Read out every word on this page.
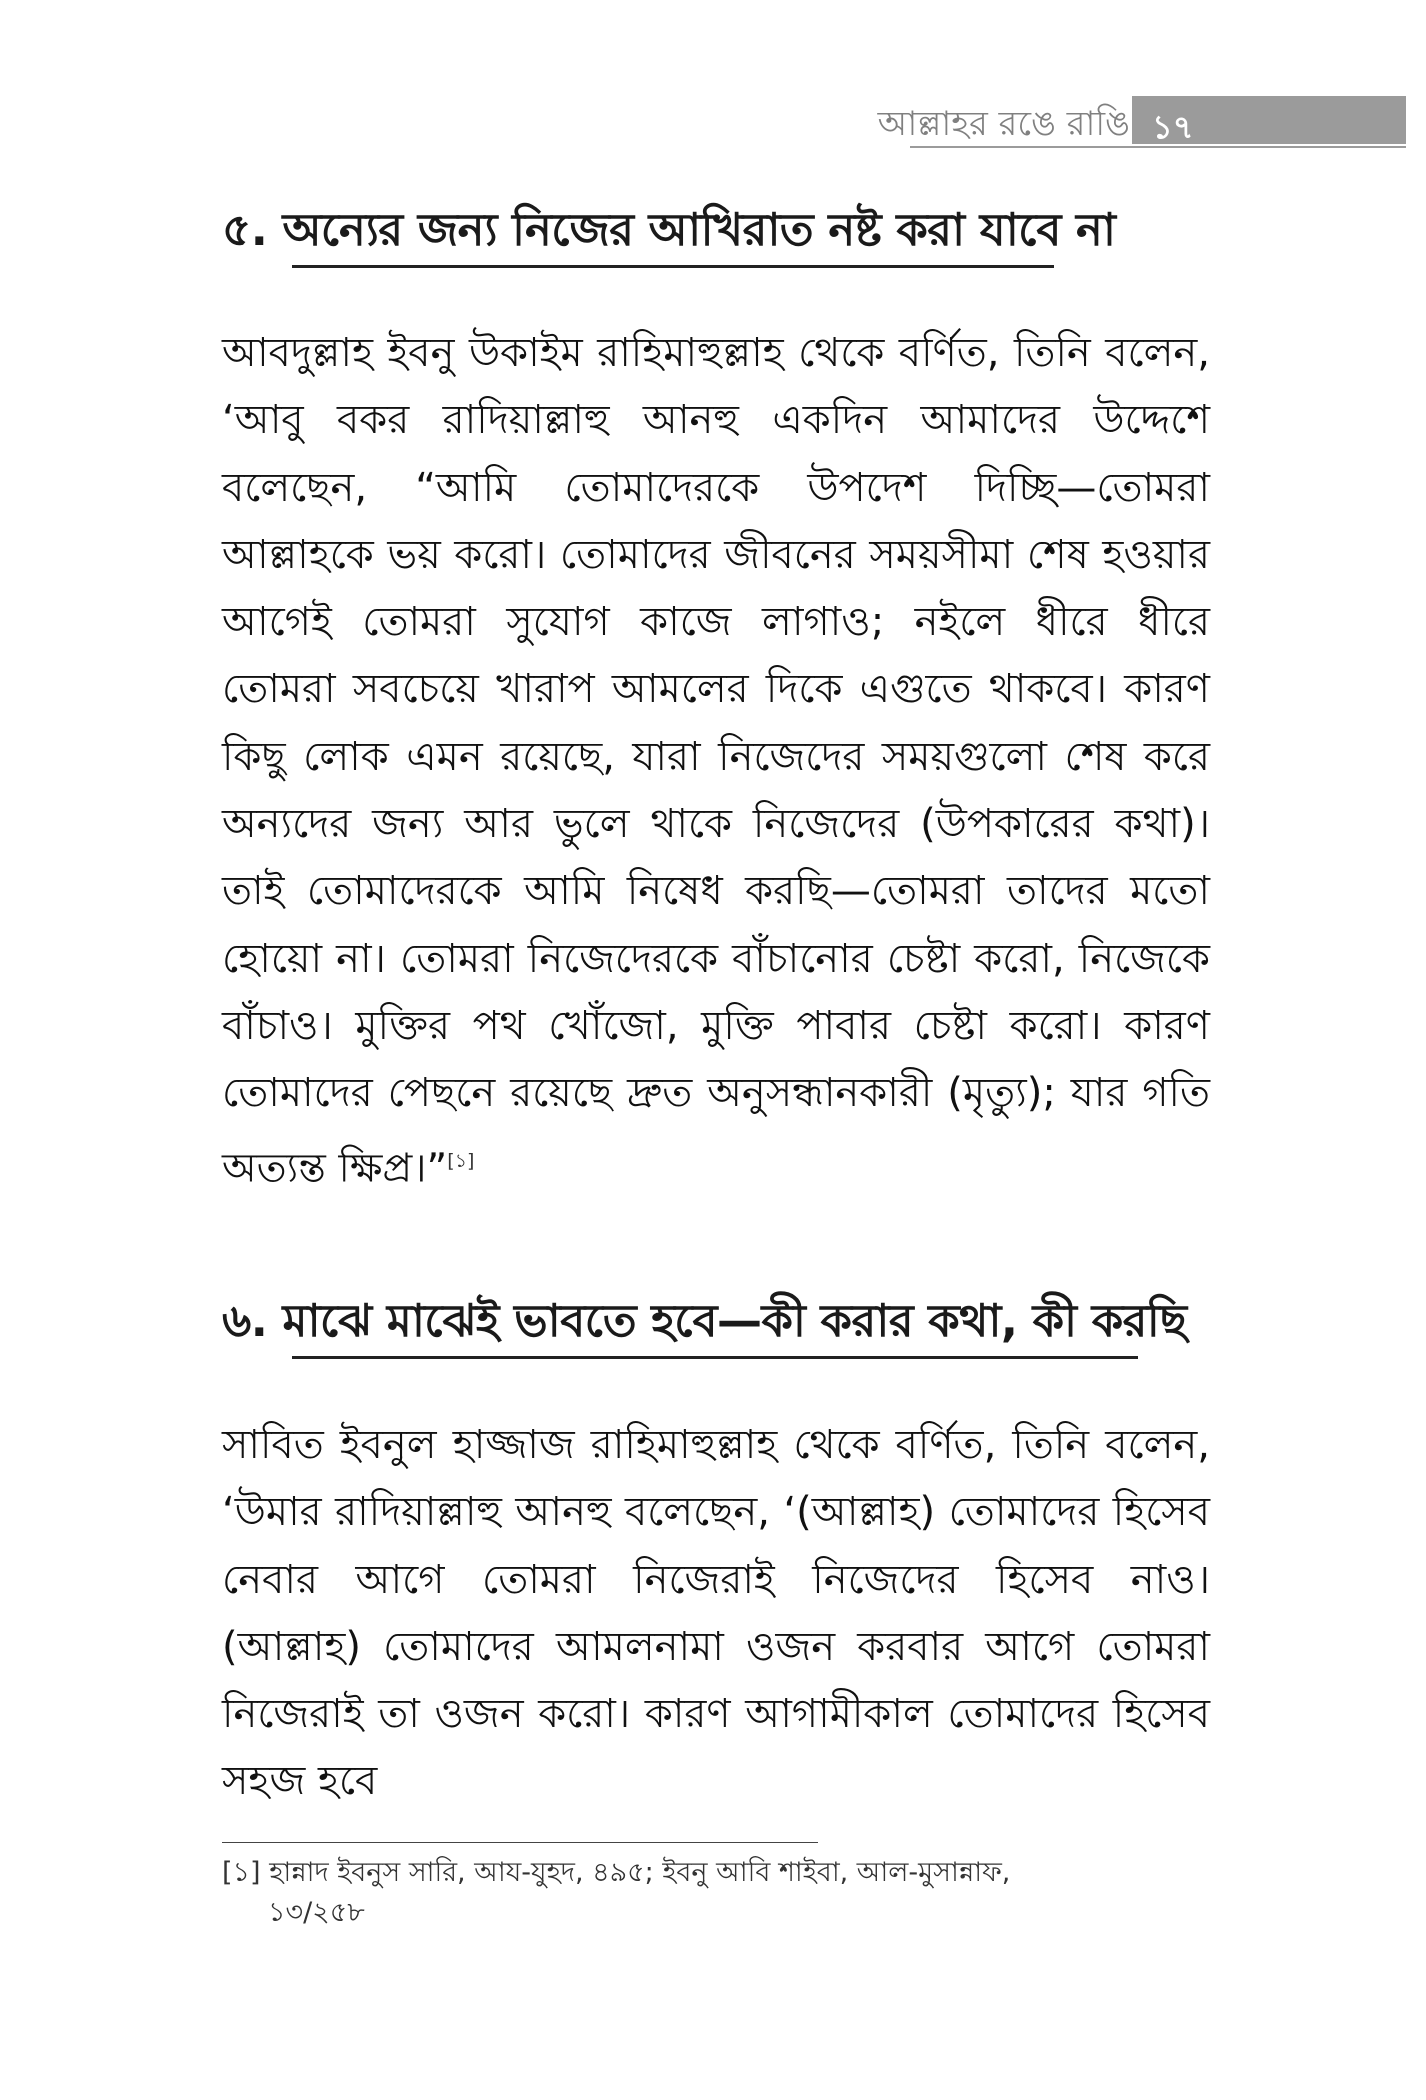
আল্লাহর রঙে রাঙি ১৭
৫. অন্যের জন্য নিজের আখিরাত নষ্ট করা যাবে না

আবদুল্লাহ ইবনু উকাইম রাহিমাহুল্লাহ থেকে বর্ণিত, তিনি বলেন, ‘আবু বকর রাদিয়াল্লাহু আনহু একদিন আমাদের উদ্দেশে বলেছেন, “আমি তোমাদেরকে উপদেশ দিচ্ছি—তোমরা আল্লাহকে ভয় করো। তোমাদের জীবনের সময়সীমা শেষ হওয়ার আগেই তোমরা সুযোগ কাজে লাগাও; নইলে ধীরে ধীরে তোমরা সবচেয়ে খারাপ আমলের দিকে এগুতে থাকবে। কারণ কিছু লোক এমন রয়েছে, যারা নিজেদের সময়গুলো শেষ করে অন্যদের জন্য আর ভুলে থাকে নিজেদের (উপকারের কথা)। তাই তোমাদেরকে আমি নিষেধ করছি—তোমরা তাদের মতো হোয়ো না। তোমরা নিজেদেরকে বাঁচানোর চেষ্টা করো, নিজেকে বাঁচাও। মুক্তির পথ খোঁজো, মুক্তি পাবার চেষ্টা করো। কারণ তোমাদের পেছনে রয়েছে দ্রুত অনুসন্ধানকারী (মৃত্যু); যার গতি অত্যন্ত ক্ষিপ্র।”[১]

৬. মাঝে মাঝেই ভাবতে হবে—কী করার কথা, কী করছি

সাবিত ইবনুল হাজ্জাজ রাহিমাহুল্লাহ থেকে বর্ণিত, তিনি বলেন, ‘উমার রাদিয়াল্লাহু আনহু বলেছেন, ‘(আল্লাহ) তোমাদের হিসেব নেবার আগে তোমরা নিজেরাই নিজেদের হিসেব নাও। (আল্লাহ) তোমাদের আমলনামা ওজন করবার আগে তোমরা নিজেরাই তা ওজন করো। কারণ আগামীকাল তোমাদের হিসেব সহজ হবে

[১] হান্নাদ ইবনুস সারি, আয-যুহদ, ৪৯৫; ইবনু আবি শাইবা, আল-মুসান্নাফ,
১৩/২৫৮
